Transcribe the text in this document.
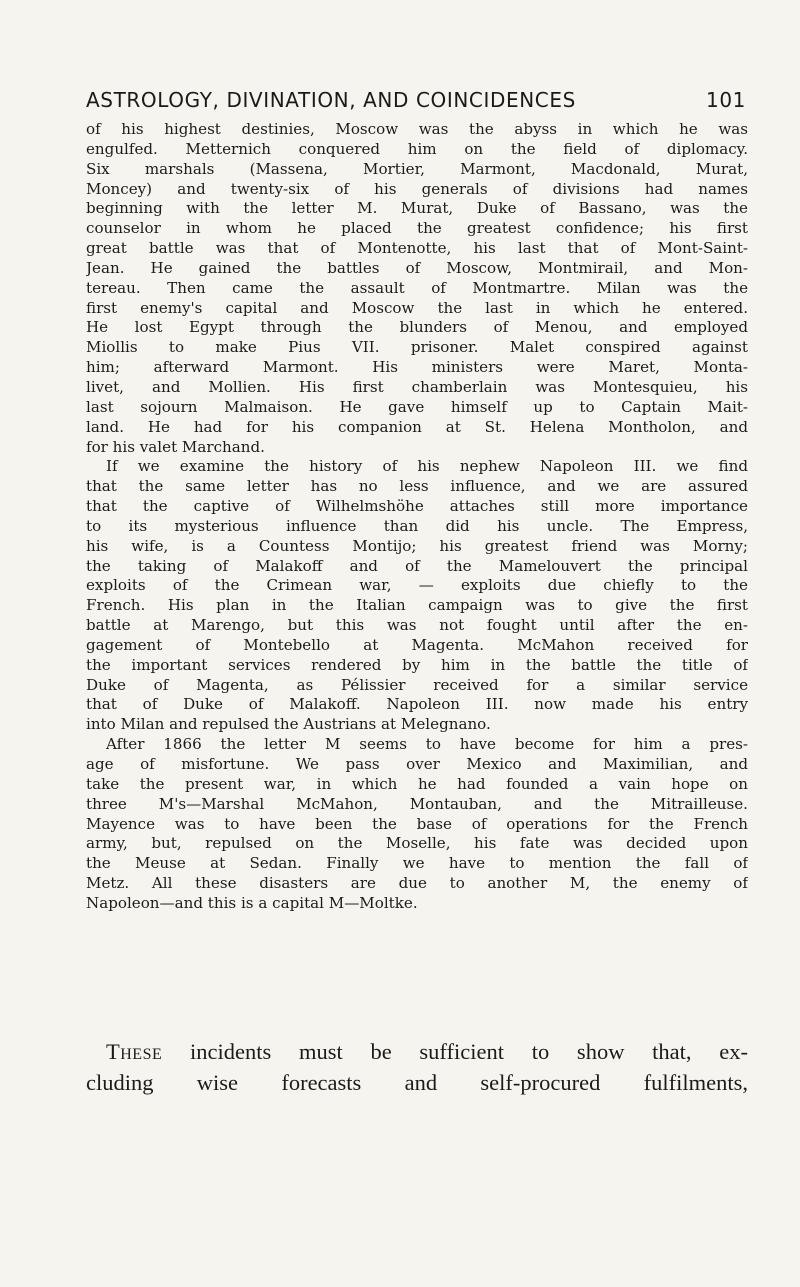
ASTROLOGY, DIVINATION, AND COINCIDENCES	101
of his highest destinies, Moscow was the abyss in which he was
engulfed. Metternich conquered him on the field of diplomacy.
Six marshals (Massena, Mortier, Marmont, Macdonald, Murat,
Moncey) and twenty-six of his generals of divisions had names
beginning with the letter M. Murat, Duke of Bassano, was the
counselor in whom he placed the greatest confidence; his first
great battle was that of Montenotte, his last that of Mont-Saint-
Jean. He gained the battles of Moscow, Montmirail, and Mon-
tereau. Then came the assault of Montmartre. Milan was the
first enemy's capital and Moscow the last in which he entered.
He lost Egypt through the blunders of Menou, and employed
Miollis to make Pius VII. prisoner. Malet conspired against
him; afterward Marmont. His ministers were Maret, Monta-
livet, and Mollien. His first chamberlain was Montesquieu, his
last sojourn Malmaison. He gave himself up to Captain Mait-
land. He had for his companion at St. Helena Montholon, and
for his valet Marchand.
If we examine the history of his nephew Napoleon III. we find
that the same letter has no less influence, and we are assured
that the captive of Wilhelmshöhe attaches still more importance
to its mysterious influence than did his uncle. The Empress,
his wife, is a Countess Montijo; his greatest friend was Morny;
the taking of Malakoff and of the Mamelouvert the principal
exploits of the Crimean war, — exploits due chiefly to the
French. His plan in the Italian campaign was to give the first
battle at Marengo, but this was not fought until after the en-
gagement of Montebello at Magenta. McMahon received for
the important services rendered by him in the battle the title of
Duke of Magenta, as Pélissier received for a similar service
that of Duke of Malakoff. Napoleon III. now made his entry
into Milan and repulsed the Austrians at Melegnano.
After 1866 the letter M seems to have become for him a pres-
age of misfortune. We pass over Mexico and Maximilian, and
take the present war, in which he had founded a vain hope on
three M's—Marshal McMahon, Montauban, and the Mitrailleuse.
Mayence was to have been the base of operations for the French
army, but, repulsed on the Moselle, his fate was decided upon
the Meuse at Sedan. Finally we have to mention the fall of
Metz. All these disasters are due to another M, the enemy of
Napoleon—and this is a capital M—Moltke.
These incidents must be sufficient to show that, ex-
cluding wise forecasts and self-procured fulfilments,
